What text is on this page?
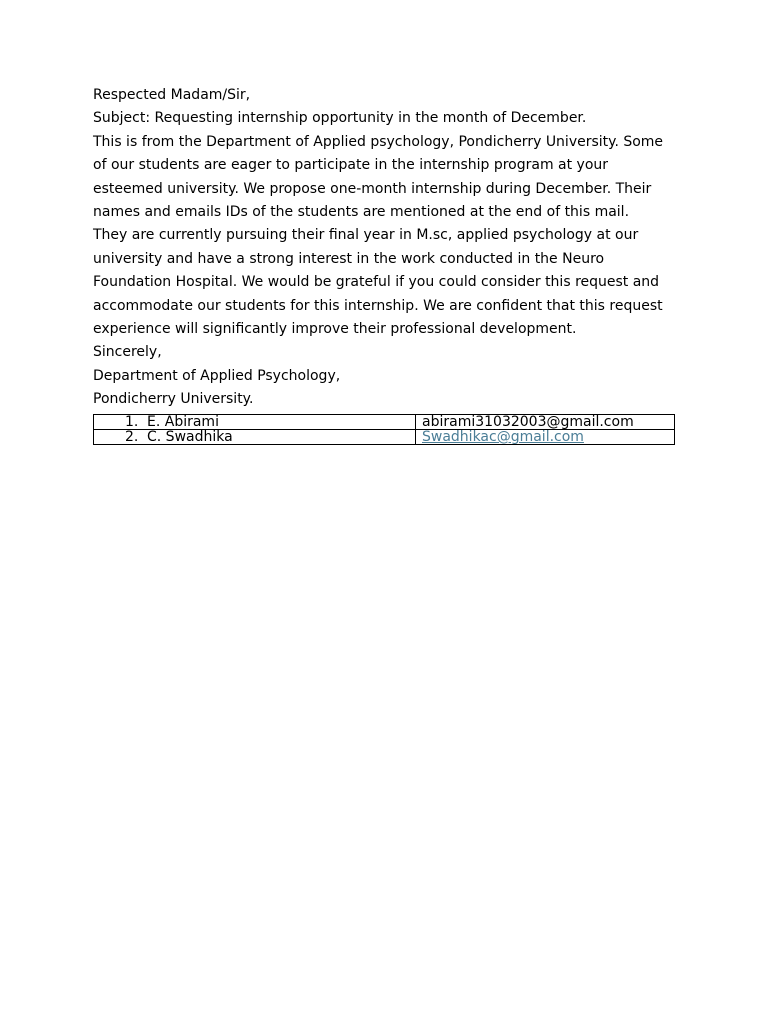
Respected Madam/Sir,
Subject: Requesting internship opportunity in the month of December.
This is from the Department of Applied psychology, Pondicherry University. Some
of our students are eager to participate in the internship program at your
esteemed university. We propose one-month internship during December. Their
names and emails IDs of the students are mentioned at the end of this mail.
They are currently pursuing their final year in M.sc, applied psychology at our
university and have a strong interest in the work conducted in the Neuro
Foundation Hospital. We would be grateful if you could consider this request and
accommodate our students for this internship. We are confident that this request
experience will significantly improve their professional development.
Sincerely,
Department of Applied Psychology,
Pondicherry University.
1. E. Abirami	abirami31032003@gmail.com
2. C. Swadhika	Swadhikac@gmail.com
